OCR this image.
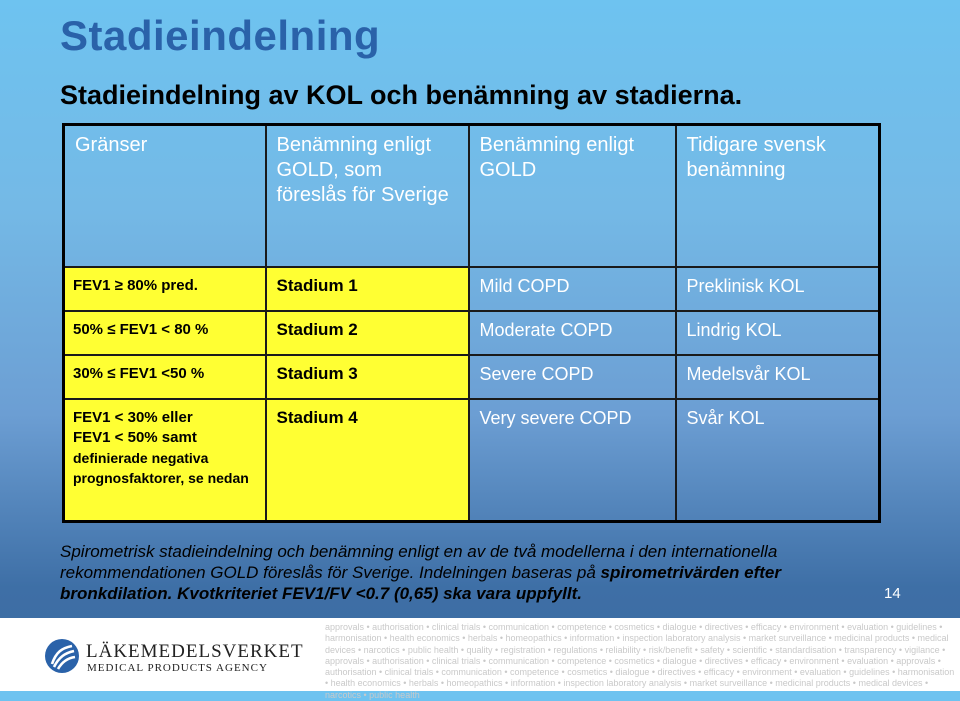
Stadieindelning
Stadieindelning av KOL och benämning av stadierna.
Gränser	Benämning enligt GOLD, som föreslås för Sverige	Benämning enligt GOLD	Tidigare svensk benämning

FEV1 ≥ 80% pred.	Stadium 1	Mild COPD	Preklinisk KOL

50% ≤ FEV1 < 80 %	Stadium 2	Moderate COPD	Lindrig KOL

30% ≤ FEV1 <50 %	Stadium 3	Severe COPD	Medelsvår KOL

FEV1 < 30% eller
FEV1 < 50% samt
definierade negativa prognosfaktorer, se nedan	Stadium 4	Very severe COPD	Svår KOL
Spirometrisk stadieindelning och benämning enligt en av de två modellerna i den internationella rekommendationen GOLD föreslås för Sverige. Indelningen baseras på spirometrivärden efter bronkdilation. Kvotkriteriet FEV1/FV <0.7 (0,65) ska vara uppfyllt.	14
approvals • authorisation • clinical trials • communication • competence • cosmetics • dialogue • directives • efficacy • environment • evaluation • guidelines • harmonisation • health economics • herbals • homeopathics • information • inspection laboratory analysis • market surveillance • medicinal products • medical devices • narcotics • public health • quality • registration • regulations • reliability • risk/benefit • safety • scientific • standardisation • transparency • vigilance • approvals • authorisation • clinical trials • communication • competence • cosmetics • dialogue • directives • efficacy • environment • evaluation • approvals • authorisation • clinical trials • communication • competence • cosmetics • dialogue • directives • efficacy • environment • evaluation • guidelines • harmonisation • health economics • herbals • homeopathics • information • inspection laboratory analysis • market surveillance • medicinal products • medical devices • narcotics • public health
LÄKEMEDELSVERKET
MEDICAL PRODUCTS AGENCY
